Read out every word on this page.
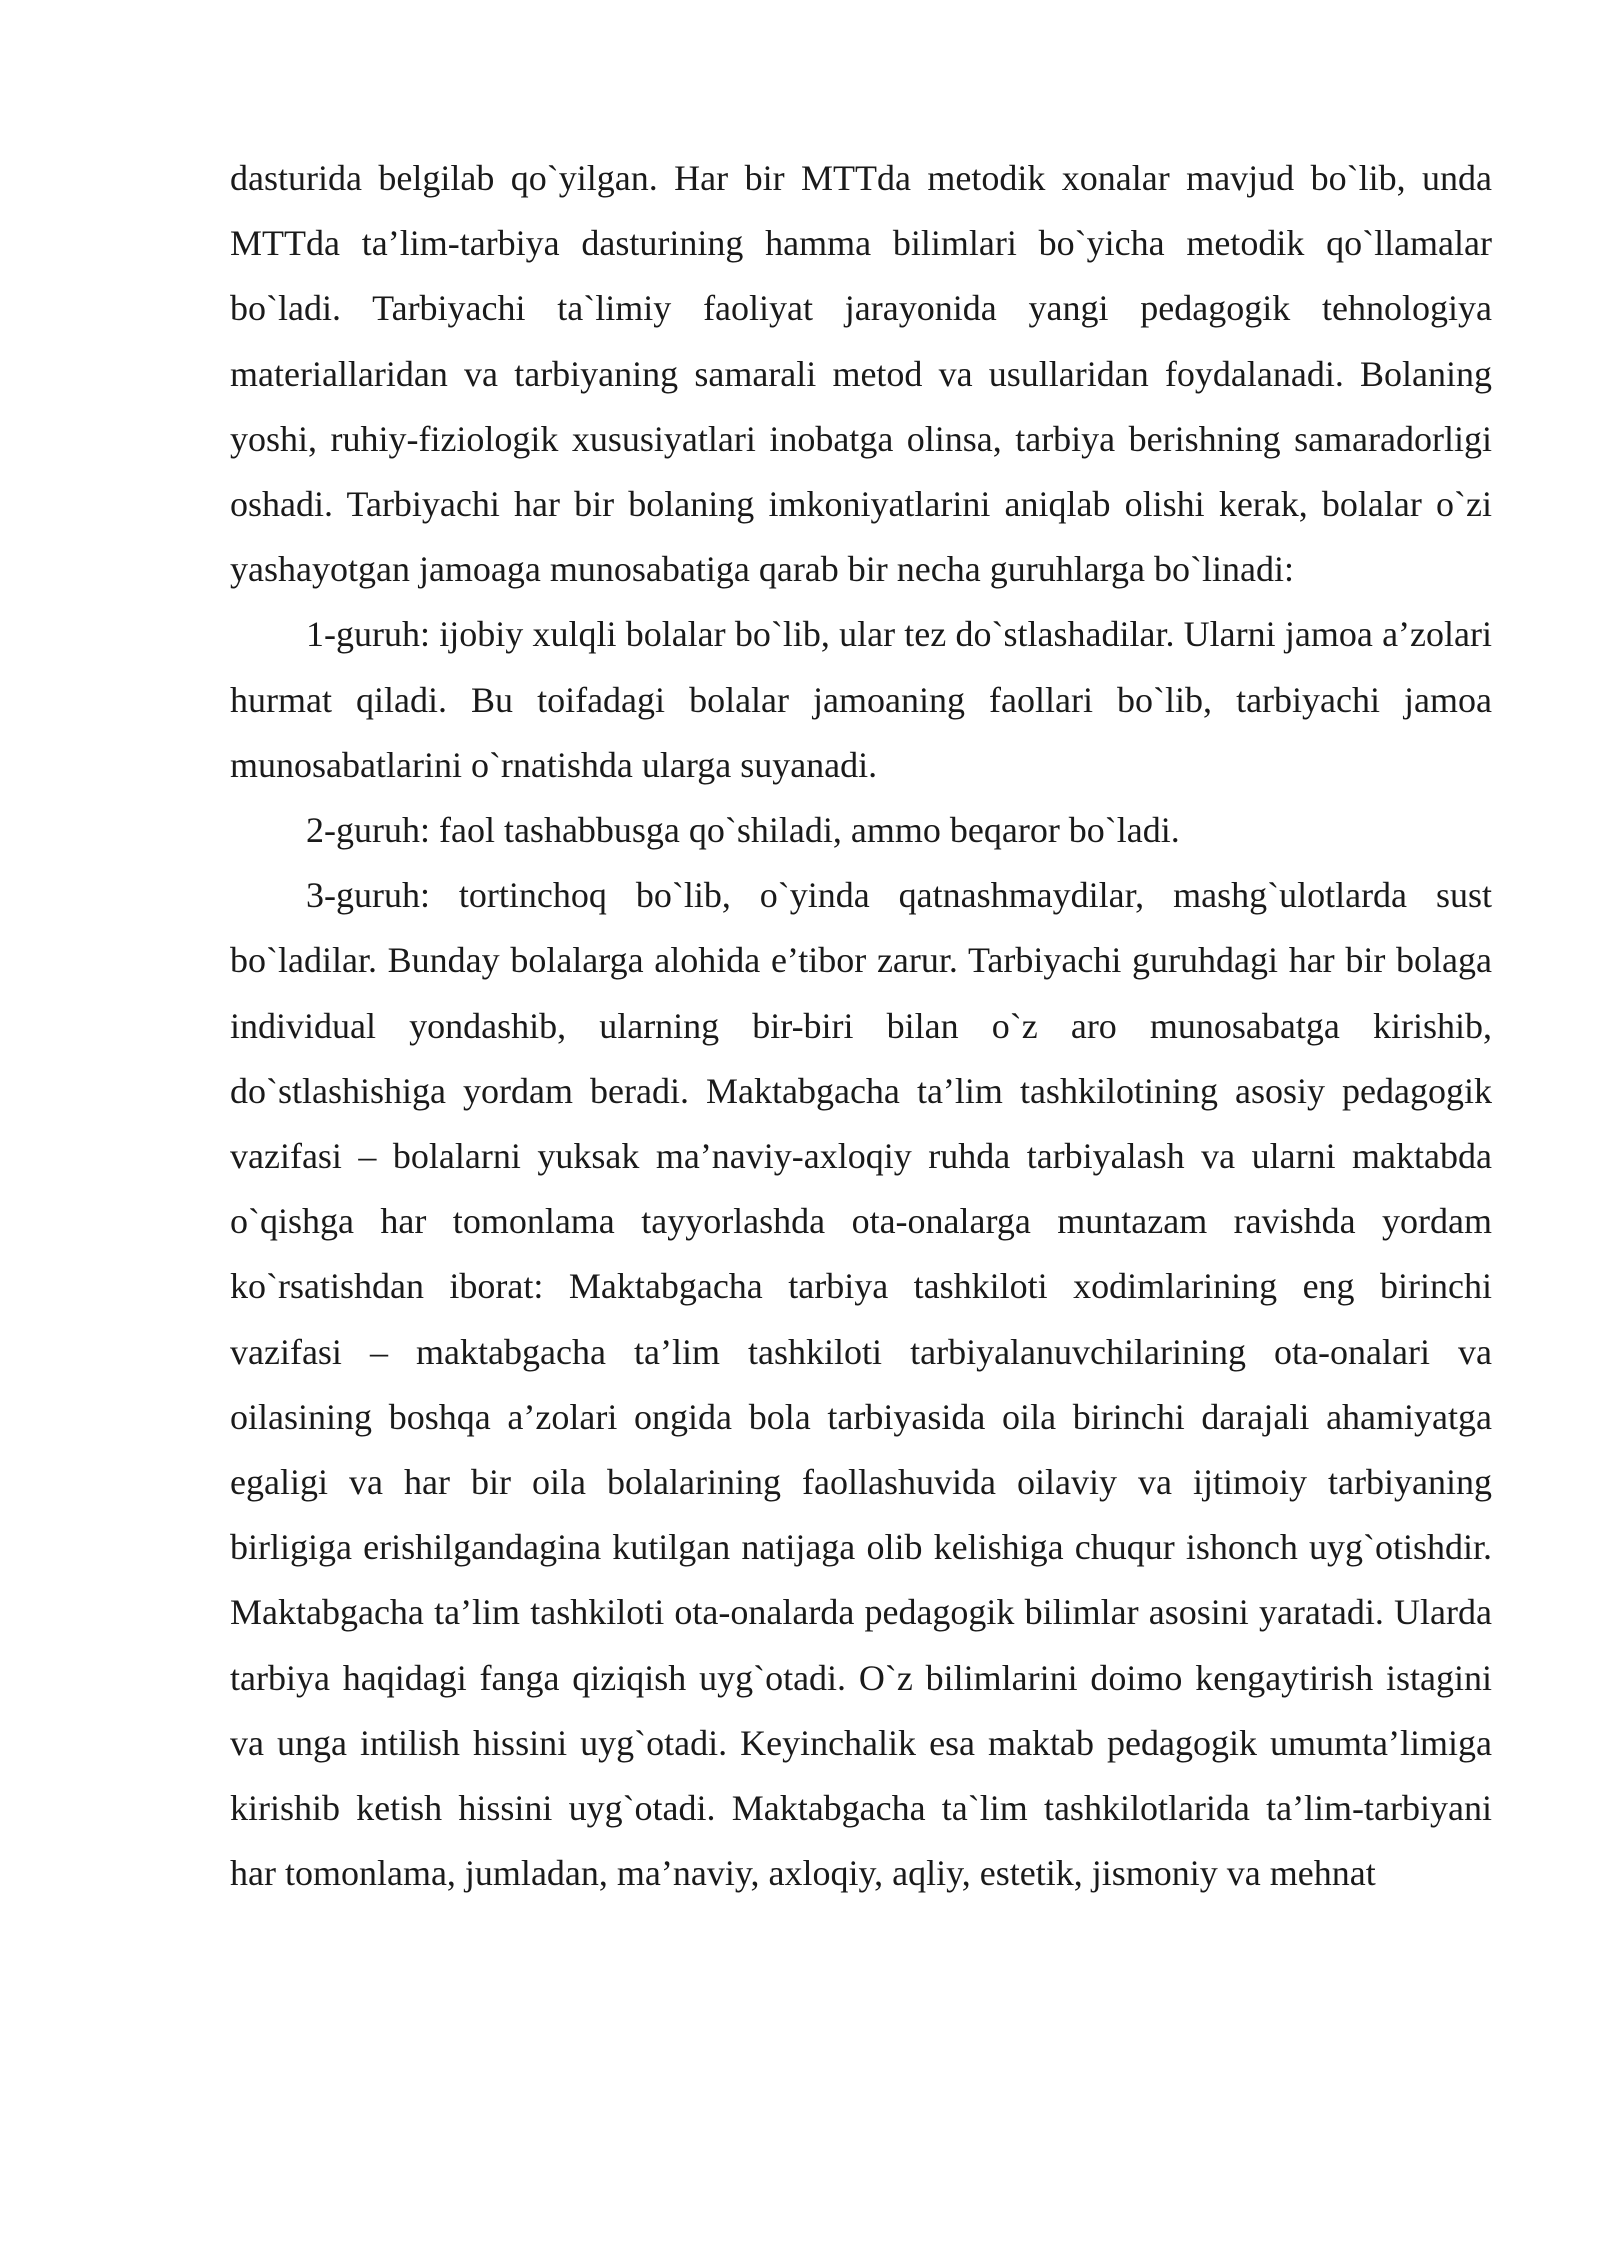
dasturida belgilab qo`yilgan. Har bir MTTda metodik xonalar mavjud bo`lib, unda MTTda ta’lim-tarbiya dasturining hamma bilimlari bo`yicha metodik qo`llamalar bo`ladi. Tarbiyachi ta`limiy faoliyat jarayonida yangi pedagogik tehnologiya materiallaridan va tarbiyaning samarali metod va usullaridan foydalanadi. Bolaning yoshi, ruhiy-fiziologik xususiyatlari inobatga olinsa, tarbiya berishning samaradorligi oshadi. Tarbiyachi har bir bolaning imkoniyatlarini aniqlab olishi kerak, bolalar o`zi yashayotgan jamoaga munosabatiga qarab bir necha guruhlarga bo`linadi:

1-guruh: ijobiy xulqli bolalar bo`lib, ular tez do`stlashadilar. Ularni jamoa a’zolari hurmat qiladi. Bu toifadagi bolalar jamoaning faollari bo`lib, tarbiyachi jamoa munosabatlarini o`rnatishda ularga suyanadi.

2-guruh: faol tashabbusga qo`shiladi, ammo beqaror bo`ladi.

3-guruh: tortinchoq bo`lib, o`yinda qatnashmaydilar, mashg`ulotlarda sust bo`ladilar. Bunday bolalarga alohida e’tibor zarur. Tarbiyachi guruhdagi har bir bolaga individual yondashib, ularning bir-biri bilan o`z aro munosabatga kirishib, do`stlashishiga yordam beradi. Maktabgacha ta’lim tashkilotining asosiy pedagogik vazifasi – bolalarni yuksak ma’naviy-axloqiy ruhda tarbiyalash va ularni maktabda o`qishga har tomonlama tayyorlashda ota-onalarga muntazam ravishda yordam ko`rsatishdan iborat: Maktabgacha tarbiya tashkiloti xodimlarining eng birinchi vazifasi – maktabgacha ta’lim tashkiloti tarbiyalanuvchilarining ota-onalari va oilasining boshqa a’zolari ongida bola tarbiyasida oila birinchi darajali ahamiyatga egaligi va har bir oila bolalarining faollashuvida oilaviy va ijtimoiy tarbiyaning birligiga erishilgandagina kutilgan natijaga olib kelishiga chuqur ishonch uyg`otishdir. Maktabgacha ta’lim tashkiloti ota-onalarda pedagogik bilimlar asosini yaratadi. Ularda tarbiya haqidagi fanga qiziqish uyg`otadi. O`z bilimlarini doimo kengaytirish istagini va unga intilish hissini uyg`otadi. Keyinchalik esa maktab pedagogik umumta’limiga kirishib ketish hissini uyg`otadi. Maktabgacha ta`lim tashkilotlarida ta’lim-tarbiyani har tomonlama, jumladan, ma’naviy, axloqiy, aqliy, estetik, jismoniy va mehnat
